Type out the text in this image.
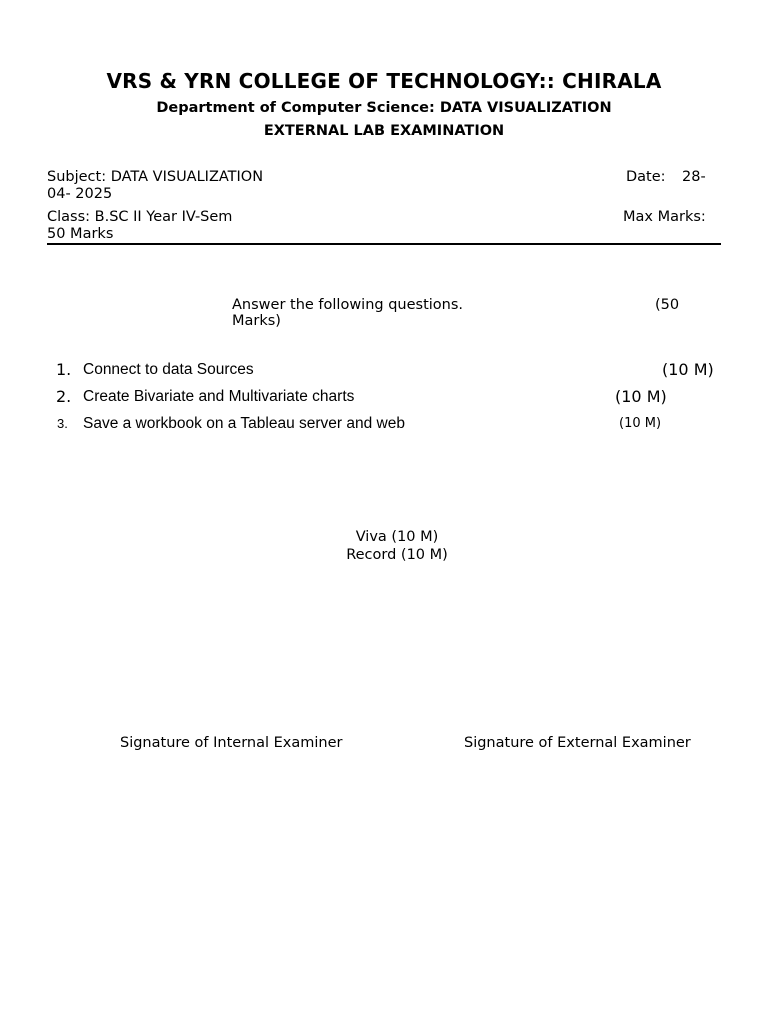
VRS & YRN COLLEGE OF TECHNOLOGY:: CHIRALA
Department of Computer Science: DATA VISUALIZATION
EXTERNAL LAB EXAMINATION
Subject: DATA VISUALIZATION	Date: 28-
04- 2025
Class: B.SC II Year IV-Sem	Max Marks:
50 Marks
Answer the following questions.	(50
Marks)
1. Connect to data Sources	(10 M)
2. Create Bivariate and Multivariate charts	(10 M)
3. Save a workbook on a Tableau server and web	(10 M)
Viva (10 M)
Record (10 M)
Signature of Internal Examiner	Signature of External Examiner
